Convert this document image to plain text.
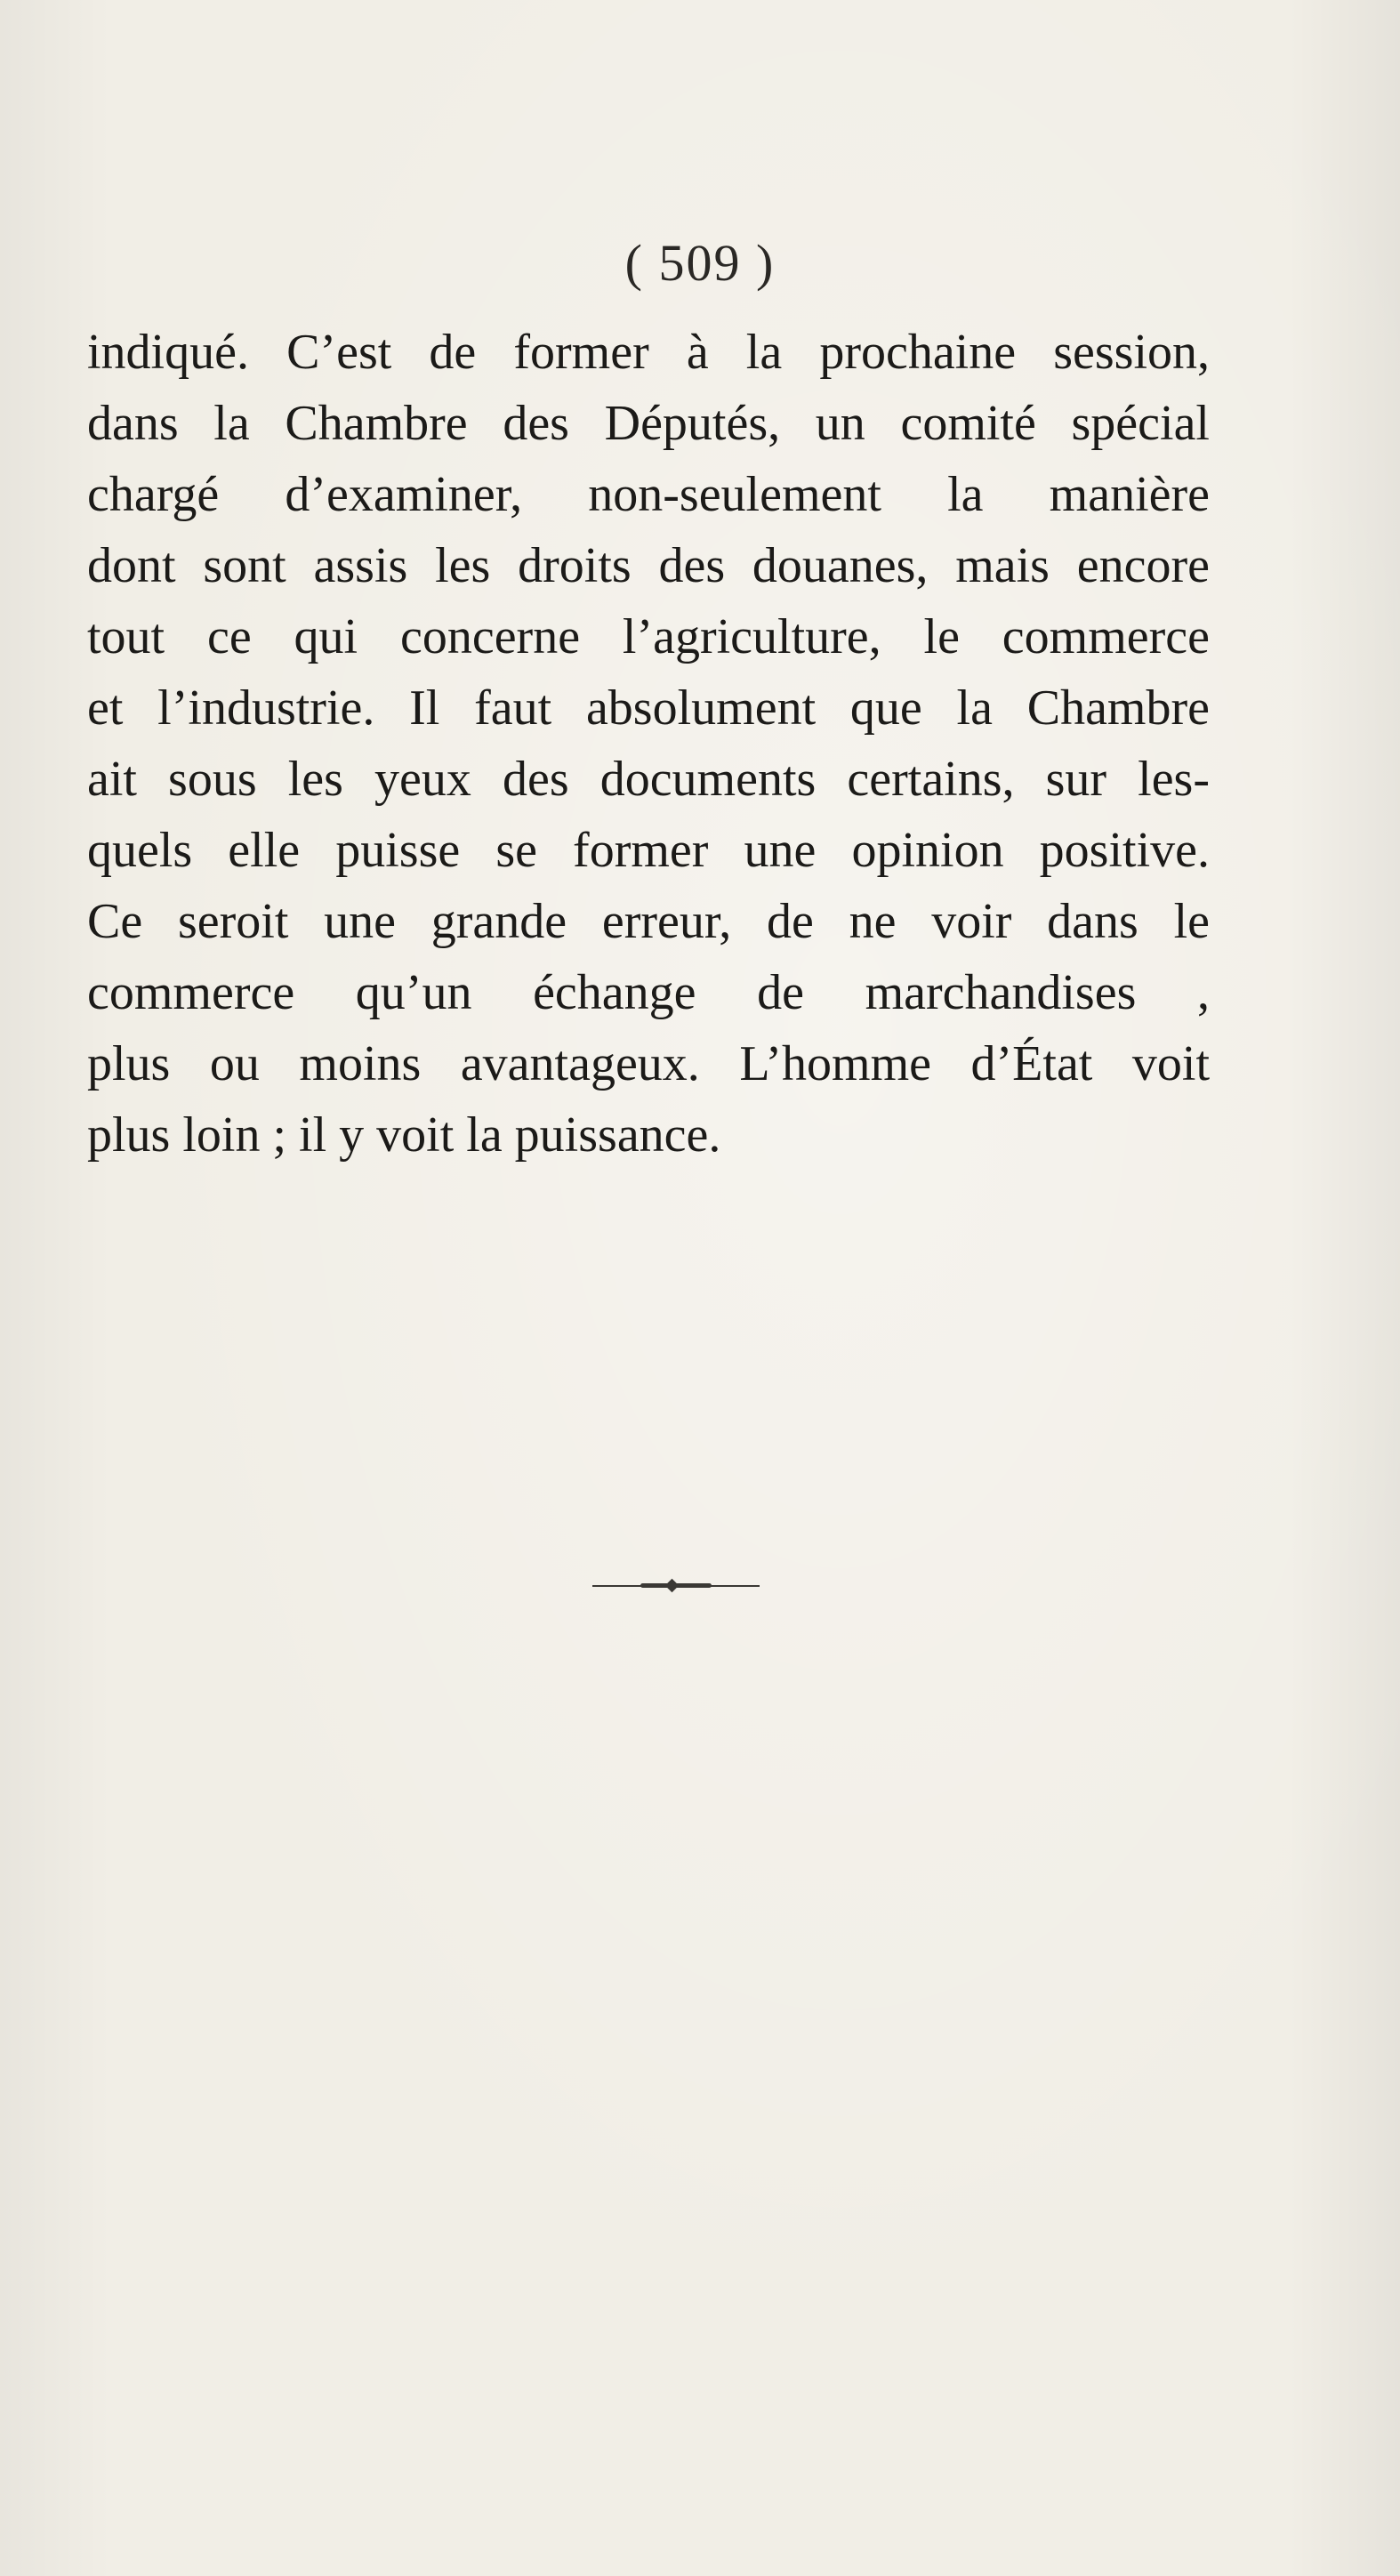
( 509 )
indiqué. C’est de former à la prochaine session,
dans la Chambre des Députés, un comité spécial
chargé d’examiner, non-seulement la manière
dont sont assis les droits des douanes, mais encore
tout ce qui concerne l’agriculture, le commerce
et l’industrie. Il faut absolument que la Chambre
ait sous les yeux des documents certains, sur les-
quels elle puisse se former une opinion positive.
Ce seroit une grande erreur, de ne voir dans le
commerce qu’un échange de marchandises ,
plus ou moins avantageux. L’homme d’État voit
plus loin ; il y voit la puissance.
